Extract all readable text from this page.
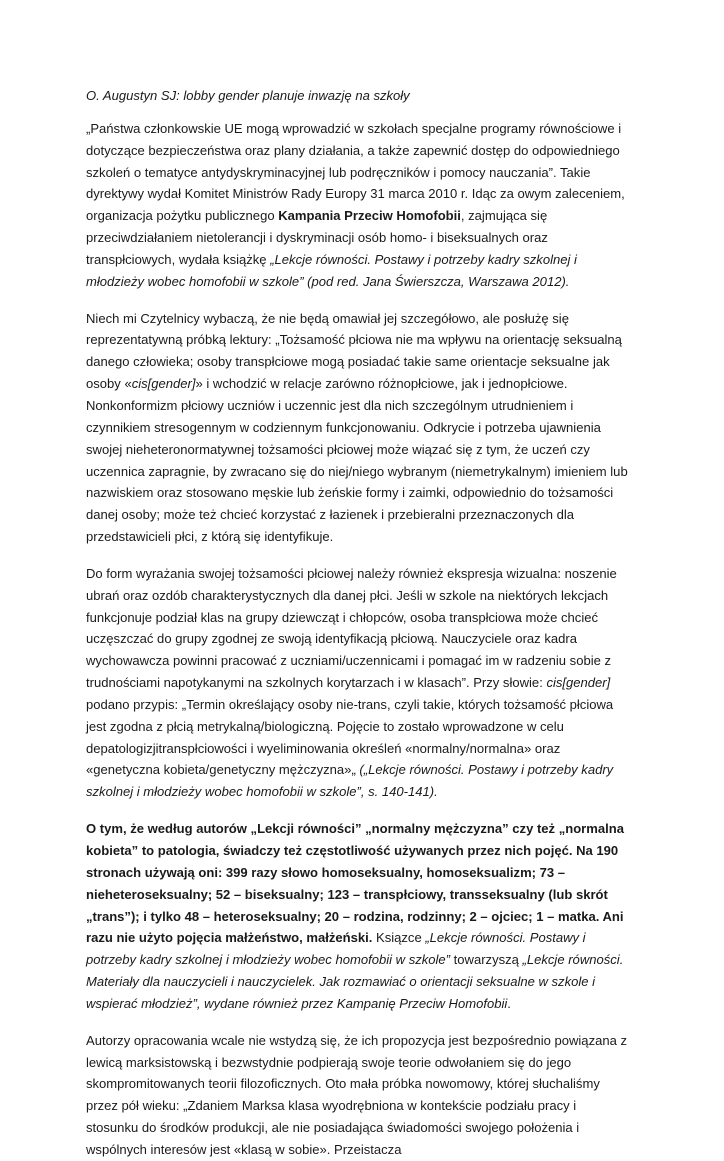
O. Augustyn SJ: lobby gender planuje inwazję na szkoły

„Państwa członkowskie UE mogą wprowadzić w szkołach specjalne programy równościowe i dotyczące bezpieczeństwa oraz plany działania, a także zapewnić dostęp do odpowiedniego szkoleń o tematyce antydyskryminacyjnej lub podręczników i pomocy nauczania”. Takie dyrektywy wydał Komitet Ministrów Rady Europy 31 marca 2010 r. Idąc za owym zaleceniem, organizacja pożytku publicznego Kampania Przeciw Homofobii, zajmująca się przeciwdziałaniem nietolerancji i dyskryminacji osób homo- i biseksualnych oraz transpłciowych, wydała książkę „Lekcje równości. Postawy i potrzeby kadry szkolnej i młodzieży wobec homofobii w szkole” (pod red. Jana Świerszcza, Warszawa 2012).

Niech mi Czytelnicy wybaczą, że nie będą omawiał jej szczegółowo, ale posłużę się reprezentatywną próbką lektury: „Tożsamość płciowa nie ma wpływu na orientację seksualną danego człowieka; osoby transpłciowe mogą posiadać takie same orientacje seksualne jak osoby «cis[gender]» i wchodzić w relacje zarówno różnopłciowe, jak i jednopłciowe. Nonkonformizm płciowy uczniów i uczennic jest dla nich szczególnym utrudnieniem i czynnikiem stresogennym w codziennym funkcjonowaniu. Odkrycie i potrzeba ujawnienia swojej nieheteronormatywnej tożsamości płciowej może wiązać się z tym, że uczeń czy uczennica zapragnie, by zwracano się do niej/niego wybranym (niemetrykalnym) imieniem lub nazwiskiem oraz stosowano męskie lub żeńskie formy i zaimki, odpowiednio do tożsamości danej osoby; może też chcieć korzystać z łazienek i przebieralni przeznaczonych dla przedstawicieli płci, z którą się identyfikuje.

Do form wyrażania swojej tożsamości płciowej należy również ekspresja wizualna: noszenie ubrań oraz ozdób charakterystycznych dla danej płci. Jeśli w szkole na niektórych lekcjach funkcjonuje podział klas na grupy dziewcząt i chłopców, osoba transpłciowa może chcieć uczęszczać do grupy zgodnej ze swoją identyfikacją płciową. Nauczyciele oraz kadra wychowawcza powinni pracować z uczniami/uczennicami i pomagać im w radzeniu sobie z trudnościami napotykanymi na szkolnych korytarzach i w klasach”. Przy słowie: cis[gender] podano przypis: „Termin określający osoby nie-trans, czyli takie, których tożsamość płciowa jest zgodna z płcią metrykalną/biologiczną. Pojęcie to zostało wprowadzone w celu depatologizjitranspłciowości i wyeliminowania określeń «normalny/normalna» oraz «genetyczna kobieta/genetyczny mężczyzna»„ („Lekcje równości. Postawy i potrzeby kadry szkolnej i młodzieży wobec homofobii w szkole”, s. 140-141).

O tym, że według autorów „Lekcji równości” „normalny mężczyzna” czy też „normalna kobieta” to patologia, świadczy też częstotliwość używanych przez nich pojęć. Na 190 stronach używają oni: 399 razy słowo homoseksualny, homoseksualizm; 73 – nieheteroseksualny; 52 – biseksualny; 123 – transpłciowy, transseksualny (lub skrót „trans”); i tylko 48 – heteroseksualny; 20 – rodzina, rodzinny; 2 – ojciec; 1 – matka. Ani razu nie użyto pojęcia małżeństwo, małżeński. Ksiązce „Lekcje równości. Postawy i potrzeby kadry szkolnej i młodzieży wobec homofobii w szkole” towarzyszą „Lekcje równości. Materiały dla nauczycieli i nauczycielek. Jak rozmawiać o orientacji seksualne w szkole i wspierać młodzież”, wydane również przez Kampanię Przeciw Homofobii.

Autorzy opracowania wcale nie wstydzą się, że ich propozycja jest bezpośrednio powiązana z lewicą marksistowską i bezwstydnie podpierają swoje teorie odwołaniem się do jego skompromitowanych teorii filozoficznych. Oto mała próbka nowomowy, której słuchaliśmy przez pół wieku: „Zdaniem Marksa klasa wyodrębniona w kontekście podziału pracy i stosunku do środków produkcji, ale nie posiadająca świadomości swojego położenia i wspólnych interesów jest «klasą w sobie». Przeistacza
